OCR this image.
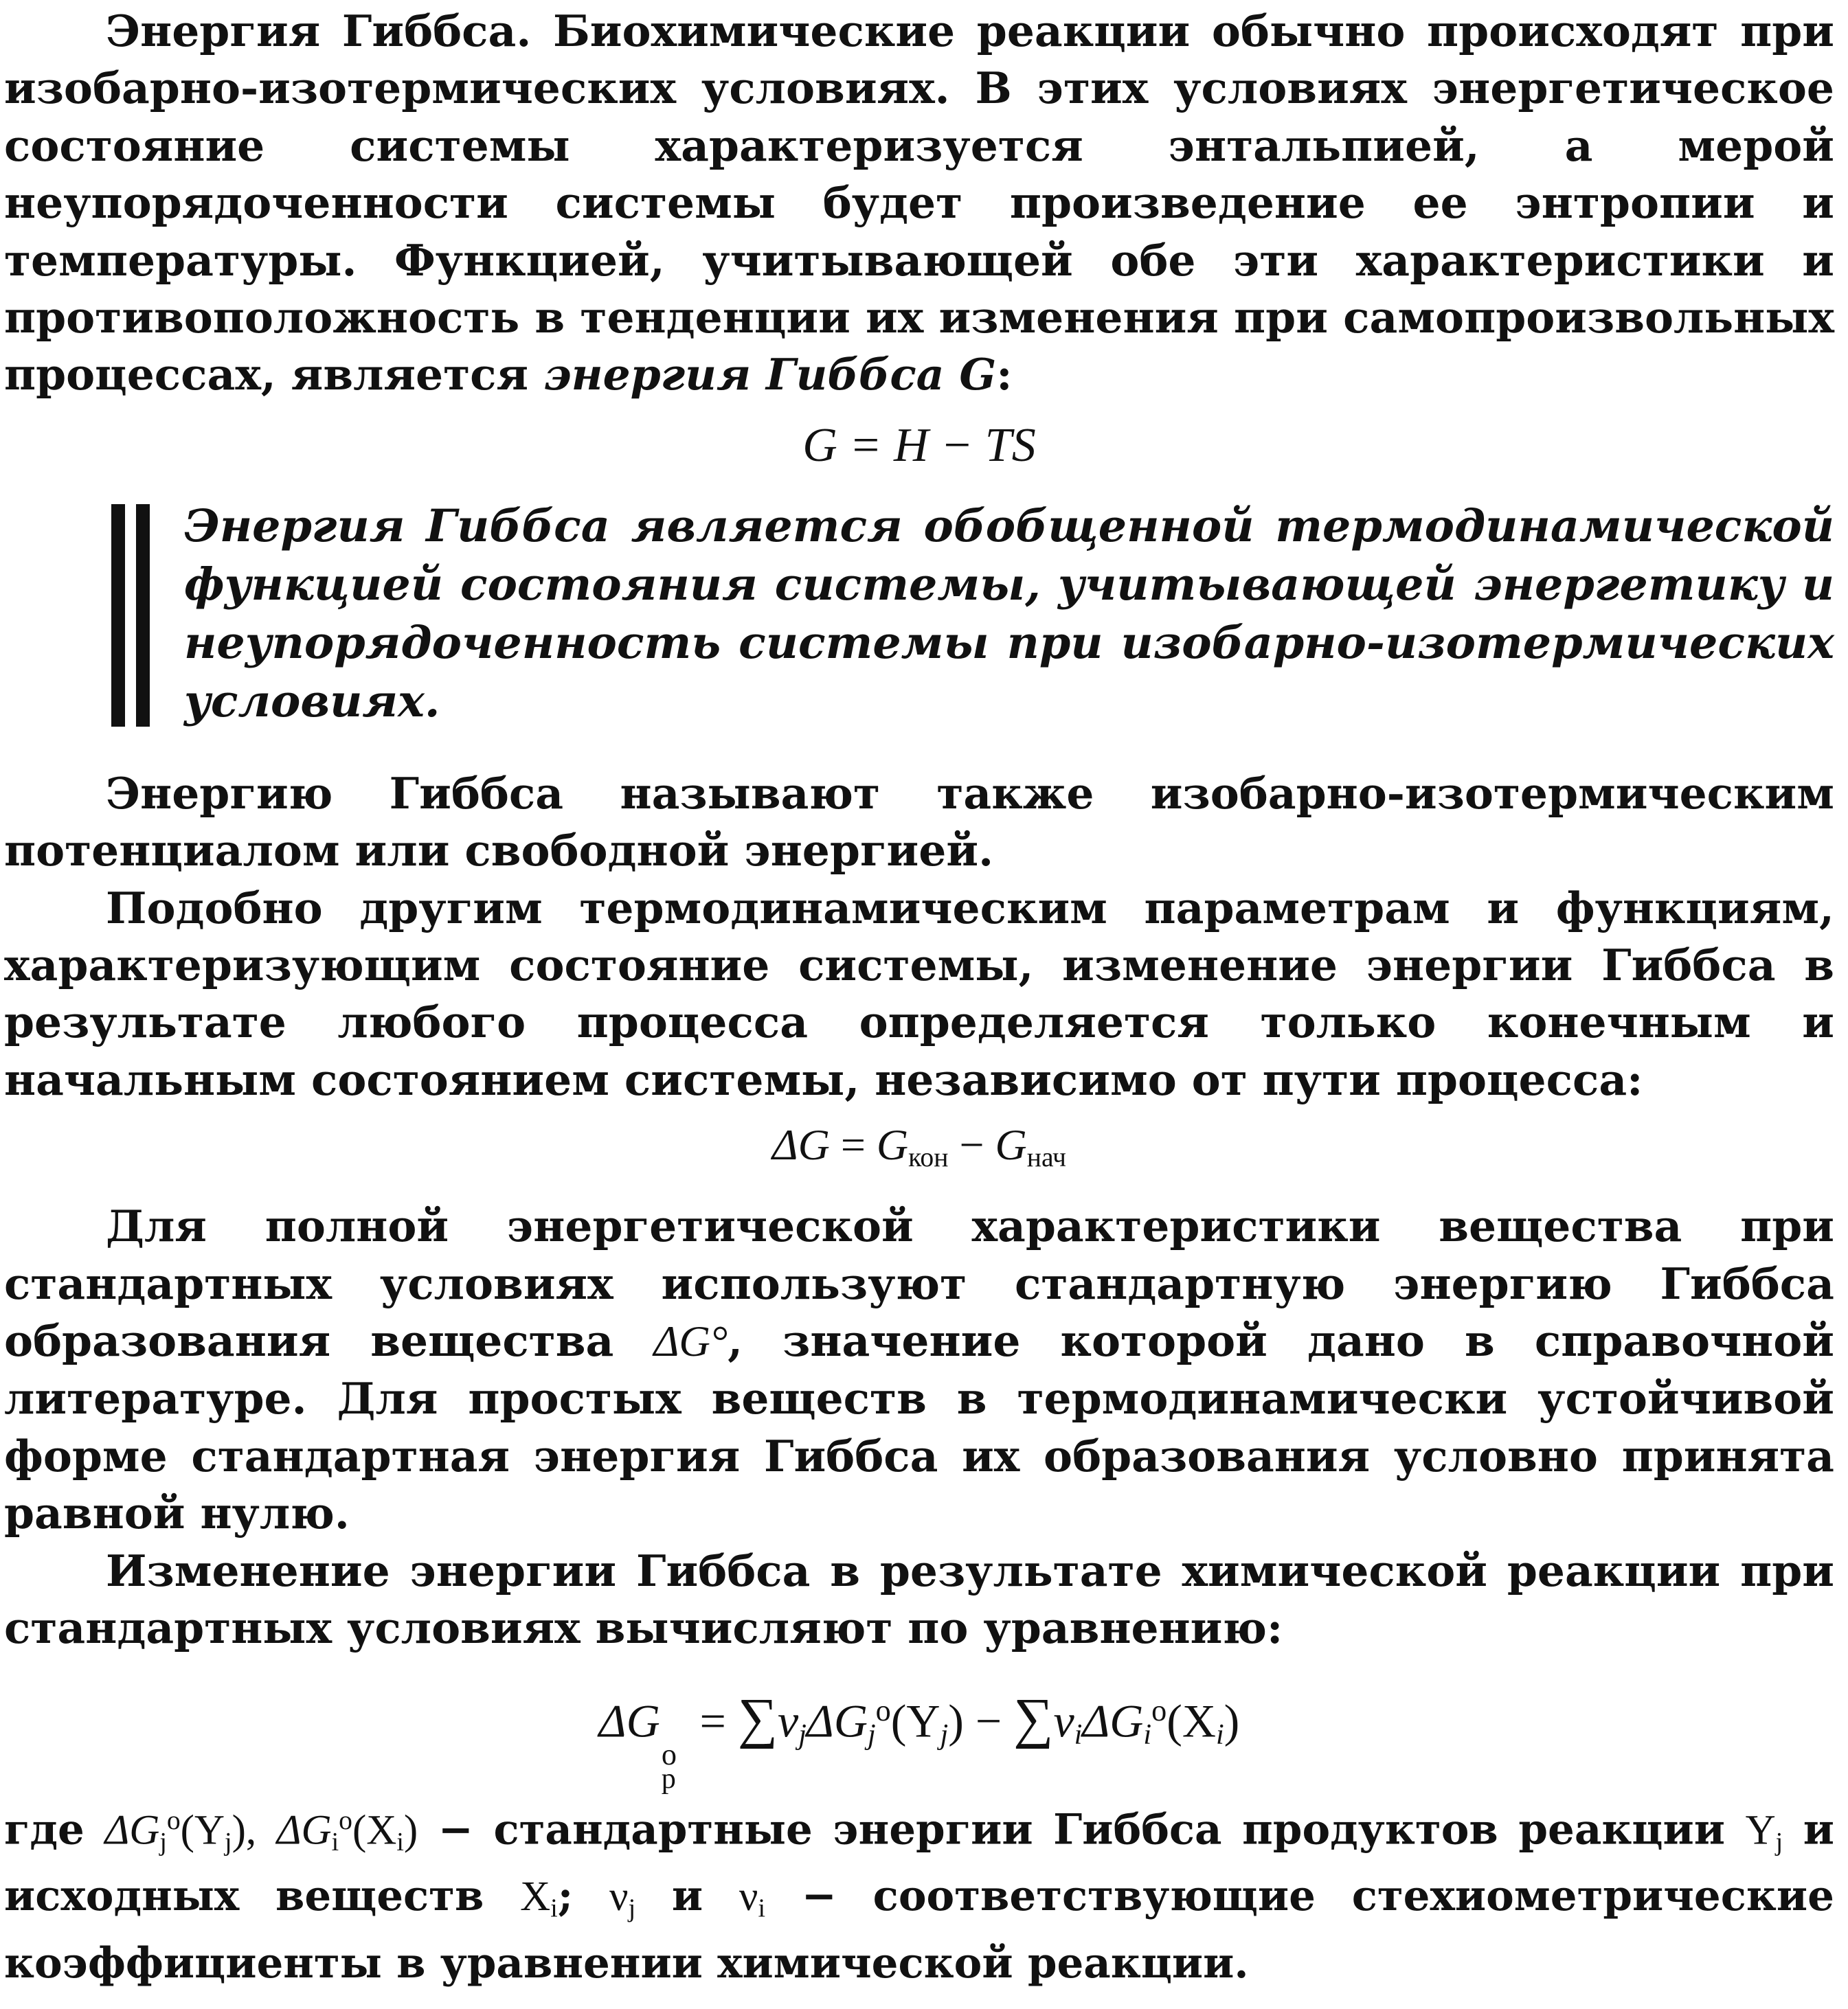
Энергия Гиббса. Биохимические реакции обычно происходят при изобарно-изотермических условиях. В этих условиях энергетическое состояние системы характеризуется энтальпией, а мерой неупорядоченности системы будет произведение ее энтропии и температуры. Функцией, учитывающей обе эти характеристики и противоположность в тенденции их изменения при самопроизвольных процессах, является энергия Гиббса G:

G = H − TS

Энергия Гиббса является обобщенной термодинамической функцией состояния системы, учитывающей энергетику и неупорядоченность системы при изобарно-изотермических условиях.

Энергию Гиббса называют также изобарно-изотермическим потенциалом или свободной энергией.

Подобно другим термодинамическим параметрам и функциям, характеризующим состояние системы, изменение энергии Гиббса в результате любого процесса определяется только конечным и начальным состоянием системы, независимо от пути процесса:

$\Delta G = G_{кон} - G_{нач}$

Для полной энергетической характеристики вещества при стандартных условиях используют стандартную энергию Гиббса образования вещества ΔG°, значение которой дано в справочной литературе. Для простых веществ в термодинамически устойчивой форме стандартная энергия Гиббса их образования условно принята равной нулю.

Изменение энергии Гиббса в результате химической реакции при стандартных условиях вычисляют по уравнению:

ΔG
o
p
= $\sum\nu_j\Delta G_j^o(Y_j) - \sum\nu_i\Delta G_i^o(X_i)$

где $\Delta G_j^o(Y_j)$, $\Delta G_i^o(X_i)$ − стандартные энергии Гиббса продуктов реакции $Y_j$ и исходных веществ $X_i$; $\nu_j$ и $\nu_i$ − соответствующие стехиометрические коэффициенты в уравнении химической реакции.
